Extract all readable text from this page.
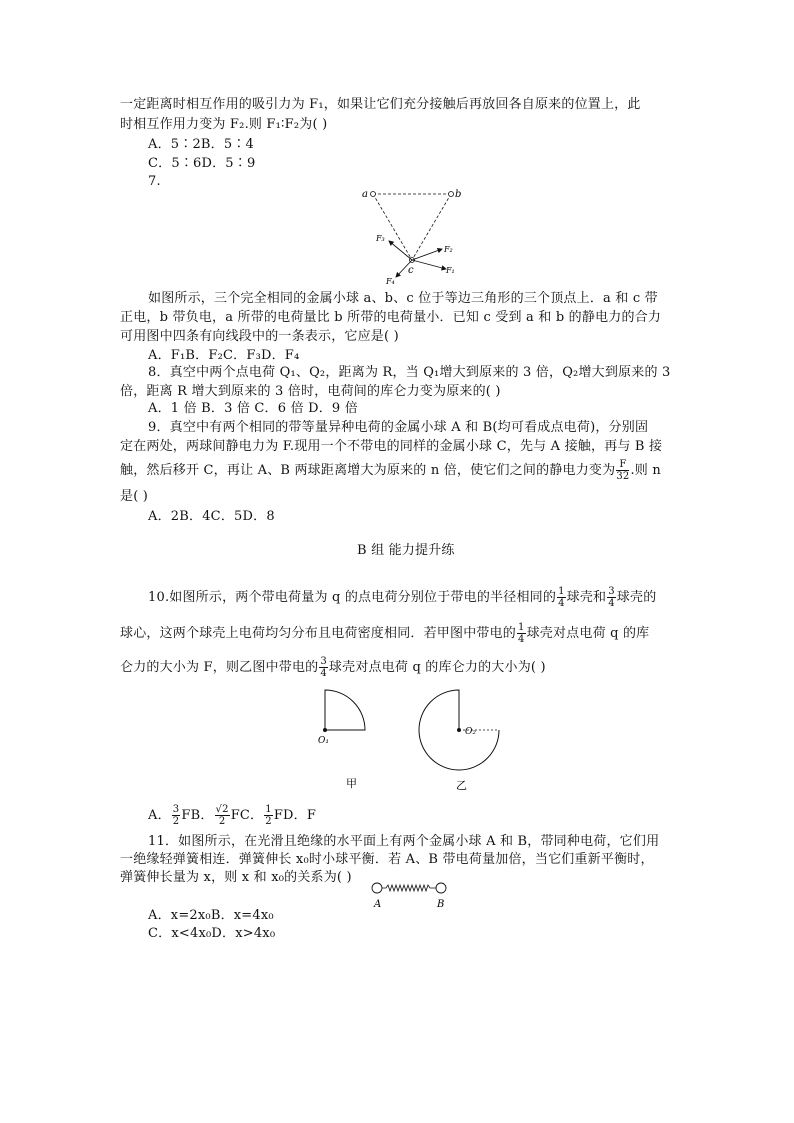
一定距离时相互作用的吸引力为 F₁，如果让它们充分接触后再放回各自原来的位置上，此
时相互作用力变为 F₂.则 F₁∶F₂为( )
A．5∶2B．5∶4
C．5∶6D．5∶9
7.
a	b
c	F₁
F₂
F₃
F₄
如图所示，三个完全相同的金属小球 a、b、c 位于等边三角形的三个顶点上．a 和 c 带
正电，b 带负电，a 所带的电荷量比 b 所带的电荷量小．已知 c 受到 a 和 b 的静电力的合力
可用图中四条有向线段中的一条表示，它应是( )
A．F₁B．F₂C．F₃D．F₄
8．真空中两个点电荷 Q₁、Q₂，距离为 R，当 Q₁增大到原来的 3 倍，Q₂增大到原来的 3
倍，距离 R 增大到原来的 3 倍时，电荷间的库仑力变为原来的( )
A．1 倍 B．3 倍 C．6 倍 D．9 倍
9．真空中有两个相同的带等量异种电荷的金属小球 A 和 B(均可看成点电荷)，分别固
定在两处，两球间静电力为 F.现用一个不带电的同样的金属小球 C，先与 A 接触，再与 B 接
触，然后移开 C，再让 A、B 两球距离增大为原来的 n 倍，使它们之间的静电力变为 $\frac{F}{32}$ .则 n
是( )
A．2B．4C．5D．8
B 组 能力提升练
10.如图所示，两个带电荷量为 q 的点电荷分别位于带电的半径相同的 $\frac{1}{4}$ 球壳和 $\frac{3}{4}$ 球壳的
球心，这两个球壳上电荷均匀分布且电荷密度相同．若甲图中带电的 $\frac{1}{4}$ 球壳对点电荷 q 的库
仑力的大小为 F，则乙图中带电的 $\frac{3}{4}$ 球壳对点电荷 q 的库仑力的大小为( )
O₁
O₂
甲	乙
A． $\frac{3}{2}$ FB． $\frac{√2}{2}$ FC． $\frac{1}{2}$ FD．F
11．如图所示，在光滑且绝缘的水平面上有两个金属小球 A 和 B，带同种电荷，它们用
一绝缘轻弹簧相连．弹簧伸长 x₀时小球平衡．若 A、B 带电荷量加倍，当它们重新平衡时，
弹簧伸长量为 x，则 x 和 x₀的关系为( )
A	B
A．x=2x₀B．x=4x₀
C．x<4x₀D．x>4x₀
